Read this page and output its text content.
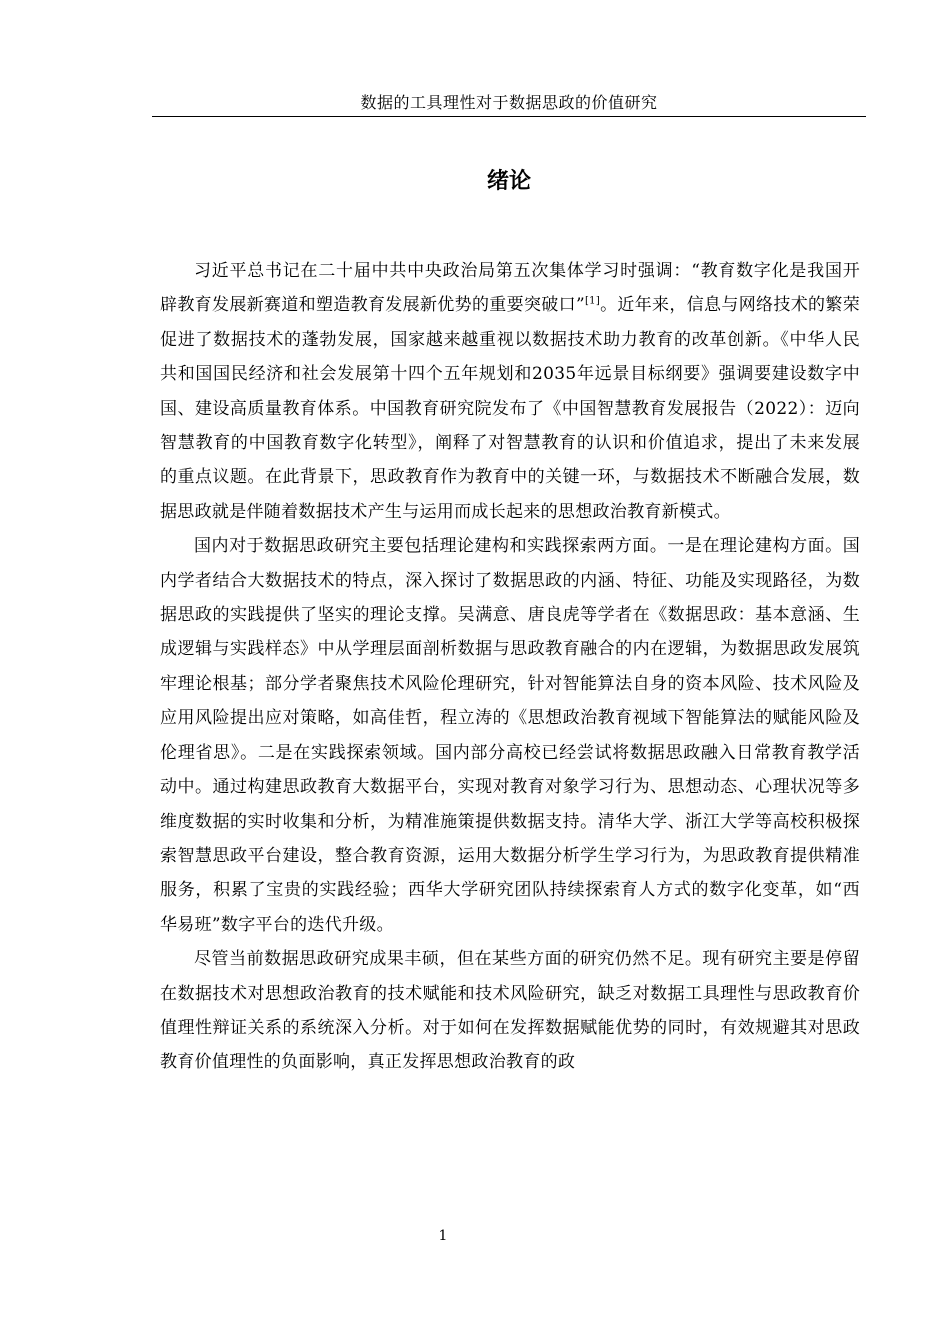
数据的工具理性对于数据思政的价值研究
绪论

习近平总书记在二十届中共中央政治局第五次集体学习时强调：“教育数字化是我国开辟教育发展新赛道和塑造教育发展新优势的重要突破口”[1]。近年来，信息与网络技术的繁荣促进了数据技术的蓬勃发展，国家越来越重视以数据技术助力教育的改革创新。《中华人民共和国国民经济和社会发展第十四个五年规划和2035年远景目标纲要》强调要建设数字中国、建设高质量教育体系。中国教育研究院发布了《中国智慧教育发展报告（2022）：迈向智慧教育的中国教育数字化转型》，阐释了对智慧教育的认识和价值追求，提出了未来发展的重点议题。在此背景下，思政教育作为教育中的关键一环，与数据技术不断融合发展，数据思政就是伴随着数据技术产生与运用而成长起来的思想政治教育新模式。

国内对于数据思政研究主要包括理论建构和实践探索两方面。一是在理论建构方面。国内学者结合大数据技术的特点，深入探讨了数据思政的内涵、特征、功能及实现路径，为数据思政的实践提供了坚实的理论支撑。吴满意、唐良虎等学者在《数据思政：基本意涵、生成逻辑与实践样态》中从学理层面剖析数据与思政教育融合的内在逻辑，为数据思政发展筑牢理论根基；部分学者聚焦技术风险伦理研究，针对智能算法自身的资本风险、技术风险及应用风险提出应对策略，如高佳哲，程立涛的《思想政治教育视域下智能算法的赋能风险及伦理省思》。二是在实践探索领域。国内部分高校已经尝试将数据思政融入日常教育教学活动中。通过构建思政教育大数据平台，实现对教育对象学习行为、思想动态、心理状况等多维度数据的实时收集和分析，为精准施策提供数据支持。清华大学、浙江大学等高校积极探索智慧思政平台建设，整合教育资源，运用大数据分析学生学习行为，为思政教育提供精准服务，积累了宝贵的实践经验；西华大学研究团队持续探索育人方式的数字化变革，如“西华易班”数字平台的迭代升级。

尽管当前数据思政研究成果丰硕，但在某些方面的研究仍然不足。现有研究主要是停留在数据技术对思想政治教育的技术赋能和技术风险研究，缺乏对数据工具理性与思政教育价值理性辩证关系的系统深入分析。对于如何在发挥数据赋能优势的同时，有效规避其对思政教育价值理性的负面影响，真正发挥思想政治教育的政

1
